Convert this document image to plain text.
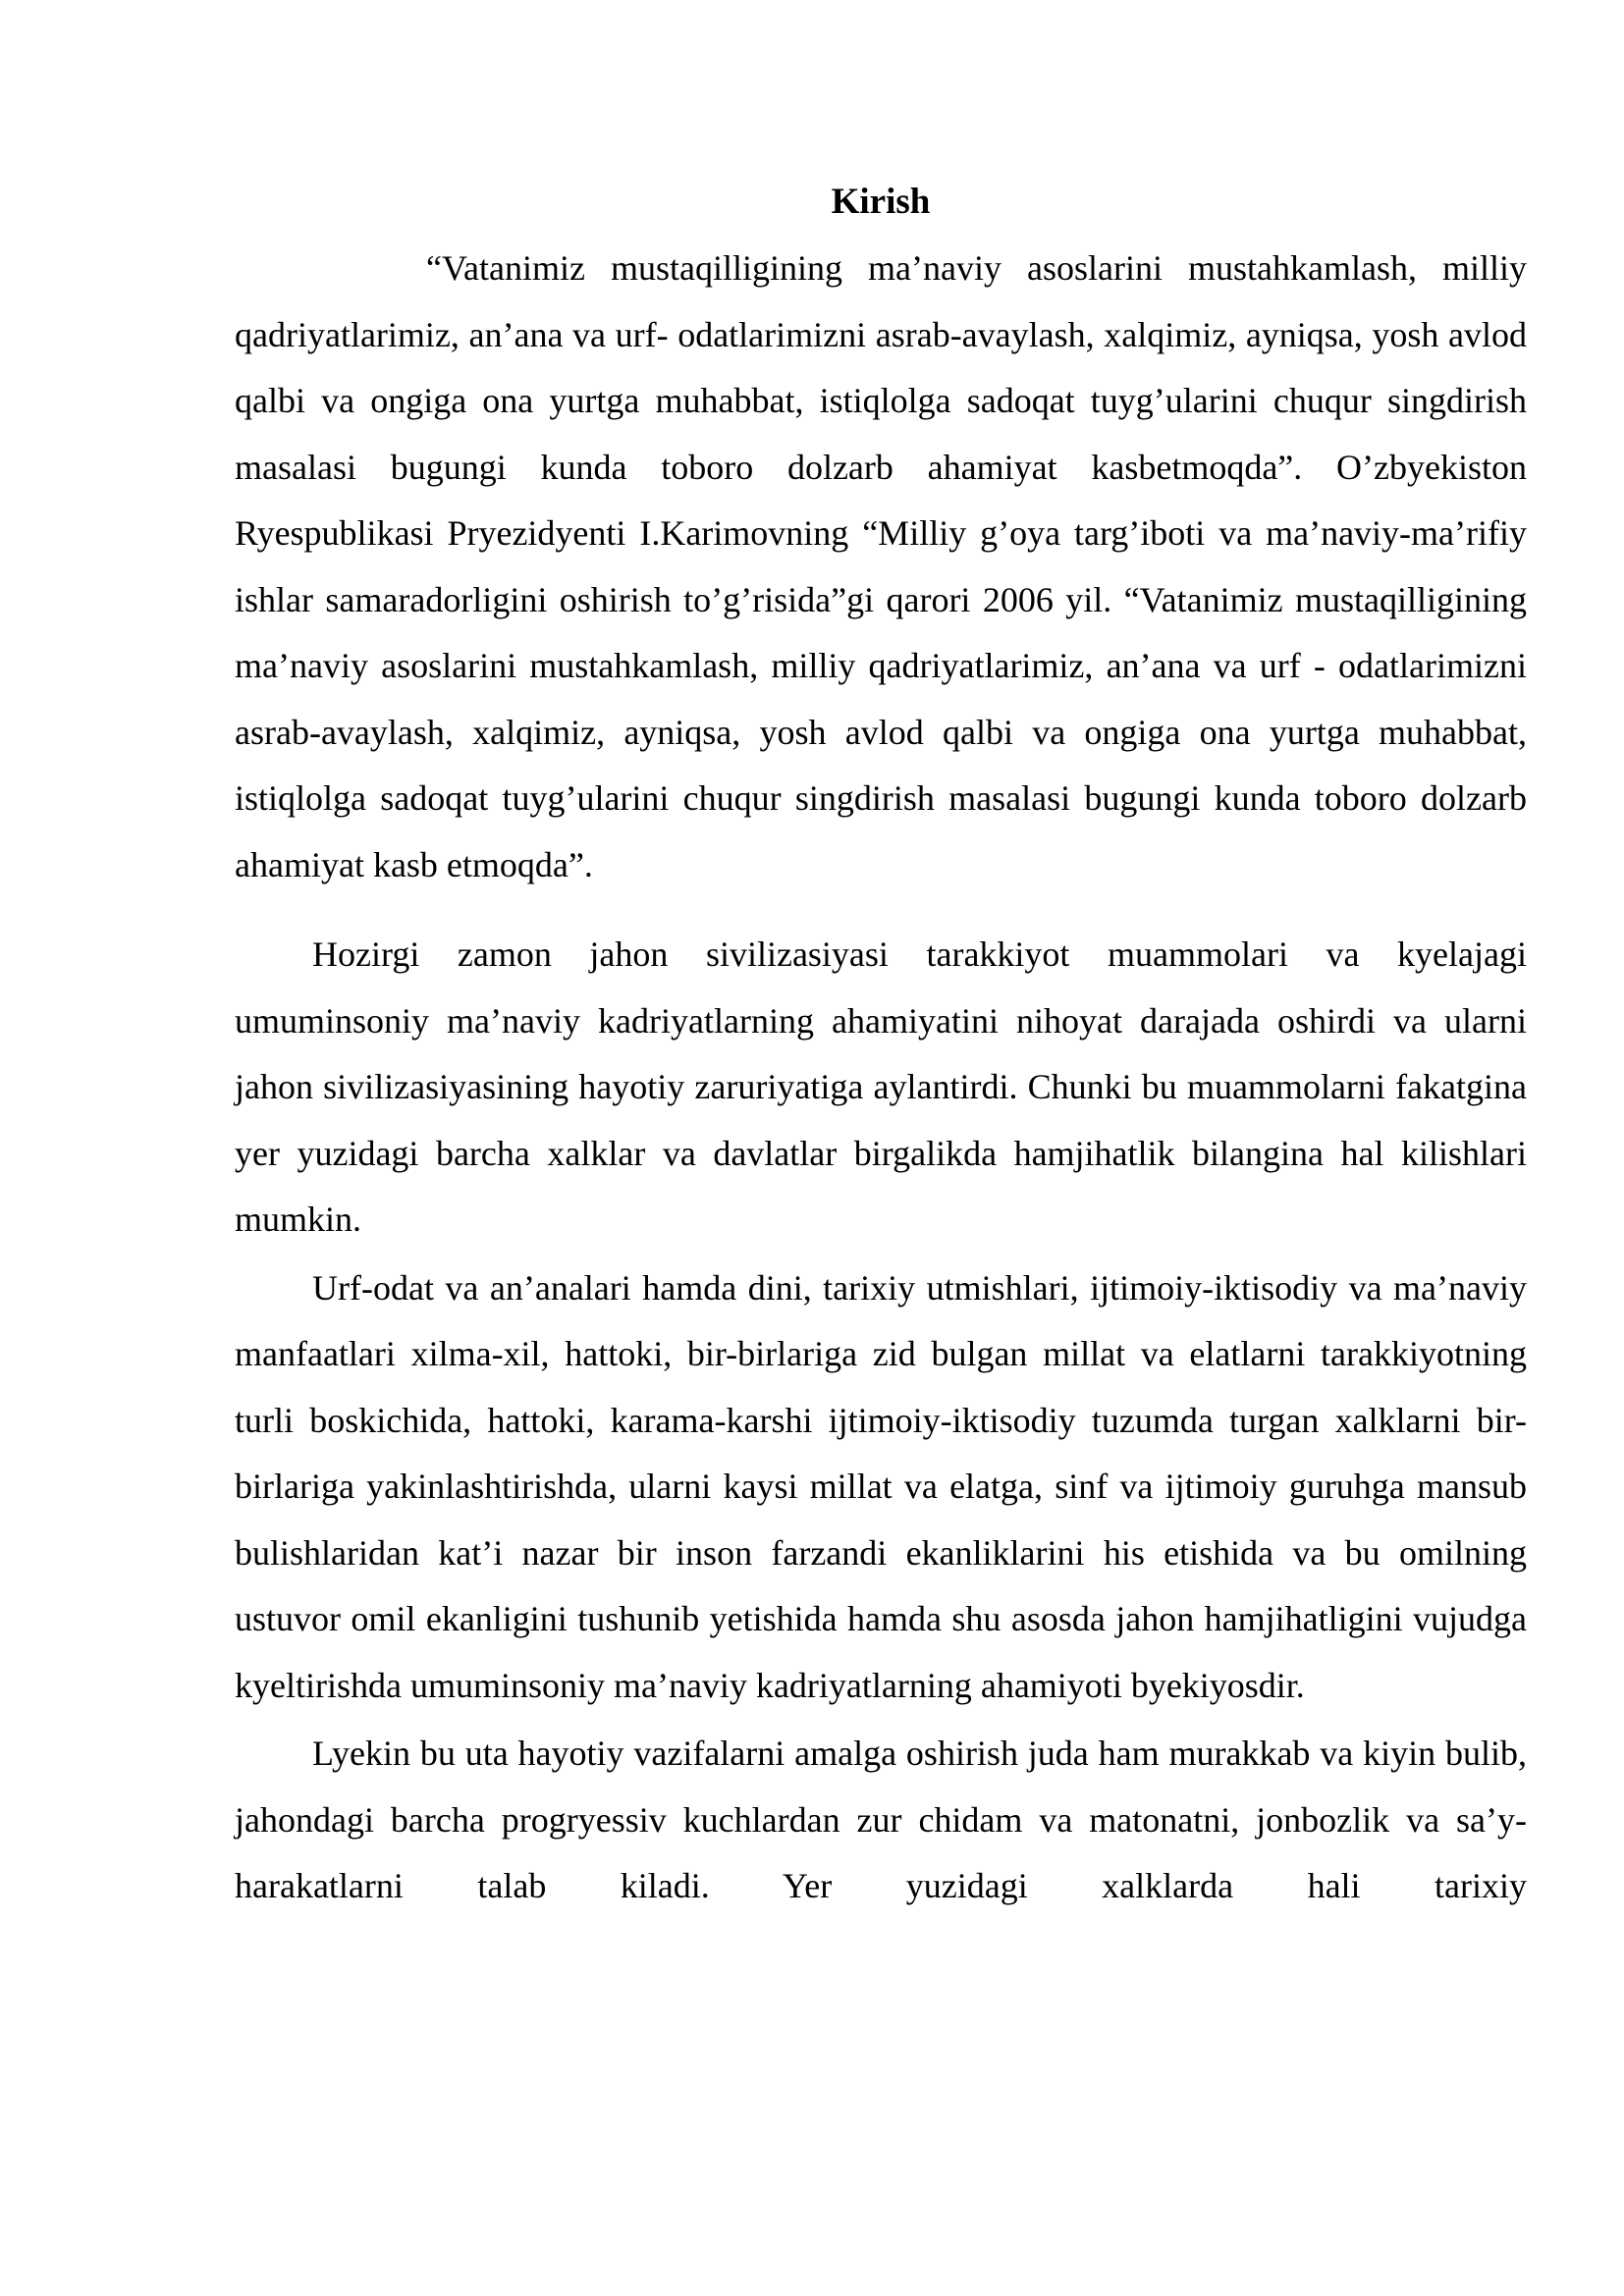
Kirish

“Vatanimiz mustaqilligining ma’naviy asoslarini mustahkamlash, milliy qadriyatlarimiz, an’ana va urf- odatlarimizni asrab-avaylash, xalqimiz, ayniqsa, yosh avlod qalbi va ongiga ona yurtga muhabbat, istiqlolga sadoqat tuyg’ularini chuqur singdirish masalasi bugungi kunda toboro dolzarb ahamiyat kasbetmoqda”. O’zbyekiston Ryespublikasi Pryezidyenti I.Karimovning “Milliy g’oya targ’iboti va ma’naviy-ma’rifiy ishlar samaradorligini oshirish to’g’risida”gi qarori 2006 yil. “Vatanimiz mustaqilligining ma’naviy asoslarini mustahkamlash, milliy qadriyatlarimiz, an’ana va urf - odatlarimizni asrab-avaylash, xalqimiz, ayniqsa, yosh avlod qalbi va ongiga ona yurtga muhabbat, istiqlolga sadoqat tuyg’ularini chuqur singdirish masalasi bugungi kunda toboro dolzarb ahamiyat kasb etmoqda”.

Hozirgi zamon jahon sivilizasiyasi tarakkiyot muammolari va kyelajagi umuminsoniy ma’naviy kadriyatlarning ahamiyatini nihoyat darajada oshirdi va ularni jahon sivilizasiyasining hayotiy zaruriyatiga aylantirdi. Chunki bu muammolarni fakatgina yer yuzidagi barcha xalklar va davlatlar birgalikda hamjihatlik bilangina hal kilishlari mumkin.

Urf-odat va an’analari hamda dini, tarixiy utmishlari, ijtimoiy-iktisodiy va ma’naviy manfaatlari xilma-xil, hattoki, bir-birlariga zid bulgan millat va elatlarni tarakkiyotning turli boskichida, hattoki, karama-karshi ijtimoiy-iktisodiy tuzumda turgan xalklarni bir-birlariga yakinlashtirishda, ularni kaysi millat va elatga, sinf va ijtimoiy guruhga mansub bulishlaridan kat’i nazar bir inson farzandi ekanliklarini his etishida va bu omilning ustuvor omil ekanligini tushunib yetishida hamda shu asosda jahon hamjihatligini vujudga kyeltirishda umuminsoniy ma’naviy kadriyatlarning ahamiyoti byekiyosdir.

Lyekin bu uta hayotiy vazifalarni amalga oshirish juda ham murakkab va kiyin bulib, jahondagi barcha progryessiv kuchlardan zur chidam va matonatni, jonbozlik va sa’y-harakatlarni talab kiladi. Yer yuzidagi xalklarda hali tarixiy
